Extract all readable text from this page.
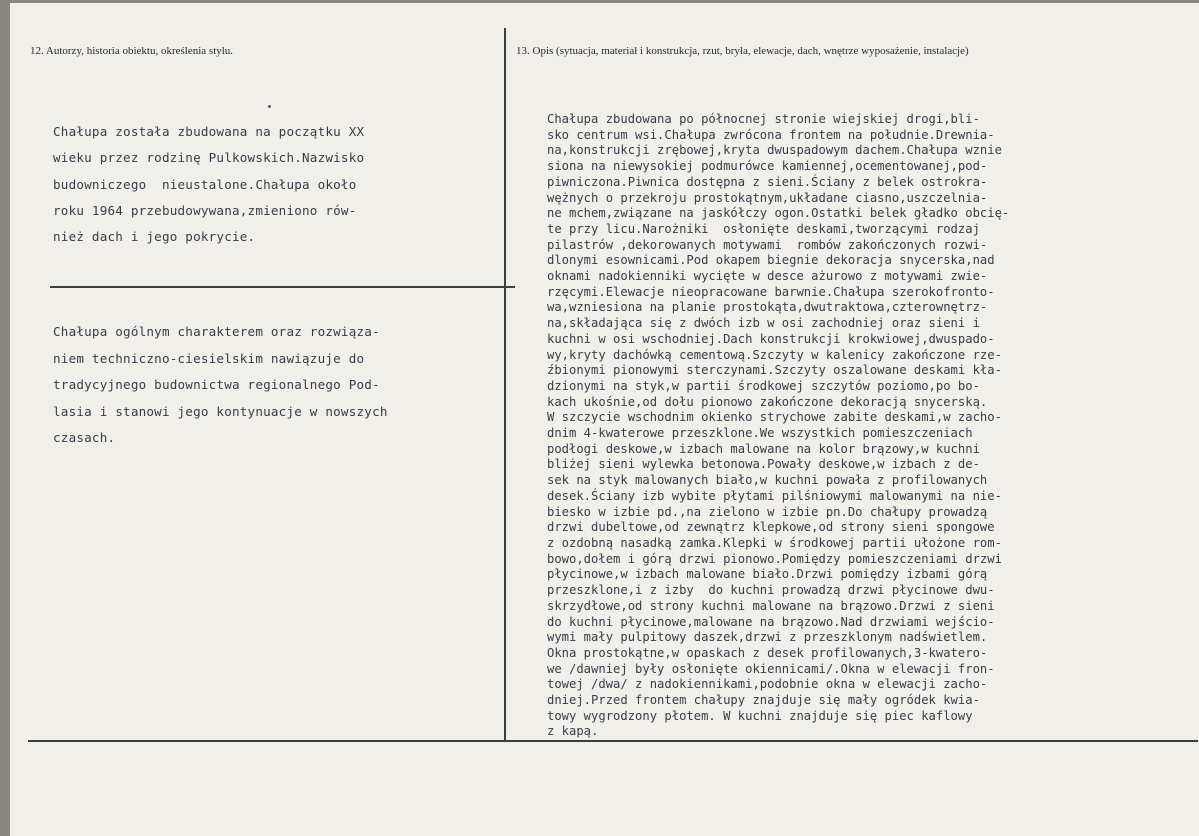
12. Autorzy, historia obiektu, określenia stylu.	13. Opis (sytuacja, materiał i konstrukcja, rzut, bryła, elewacje, dach, wnętrze wyposażenie, instalacje)
Chałupa została zbudowana na początku XX
wieku przez rodzinę Pulkowskich.Nazwisko
budowniczego  nieustalone.Chałupa około
roku 1964 przebudowywana,zmieniono rów-
nież dach i jego pokrycie.
Chałupa ogólnym charakterem oraz rozwiąza-
niem techniczno-ciesielskim nawiązuje do
tradycyjnego budownictwa regionalnego Pod-
lasia i stanowi jego kontynuacje w nowszych
czasach.
Chałupa zbudowana po północnej stronie wiejskiej drogi,bli-
sko centrum wsi.Chałupa zwrócona frontem na południe.Drewnia-
na,konstrukcji zrębowej,kryta dwuspadowym dachem.Chałupa wznie
siona na niewysokiej podmurówce kamiennej,ocementowanej,pod-
piwniczona.Piwnica dostępna z sieni.Ściany z belek ostrokra-
wężnych o przekroju prostokątnym,układane ciasno,uszczelnia-
ne mchem,związane na jaskółczy ogon.Ostatki belek gładko obcię-
te przy licu.Narożniki  osłonięte deskami,tworzącymi rodzaj
pilastrów ,dekorowanych motywami  rombów zakończonych rozwi-
dlonymi esownicami.Pod okapem biegnie dekoracja snycerska,nad
oknami nadokienniki wycięte w desce ażurowo z motywami zwie-
rzęcymi.Elewacje nieopracowane barwnie.Chałupa szerokofronto-
wa,wzniesiona na planie prostokąta,dwutraktowa,czterownętrz-
na,składająca się z dwóch izb w osi zachodniej oraz sieni i
kuchni w osi wschodniej.Dach konstrukcji krokwiowej,dwuspado-
wy,kryty dachówką cementową.Szczyty w kalenicy zakończone rze-
źbionymi pionowymi sterczynami.Szczyty oszalowane deskami kła-
dzionymi na styk,w partii środkowej szczytów poziomo,po bo-
kach ukośnie,od dołu pionowo zakończone dekoracją snycerską.
W szczycie wschodnim okienko strychowe zabite deskami,w zacho-
dnim 4-kwaterowe przeszklone.We wszystkich pomieszczeniach
podłogi deskowe,w izbach malowane na kolor brązowy,w kuchni
bliżej sieni wylewka betonowa.Powały deskowe,w izbach z de-
sek na styk malowanych biało,w kuchni powała z profilowanych
desek.Ściany izb wybite płytami pilśniowymi malowanymi na nie-
biesko w izbie pd.,na zielono w izbie pn.Do chałupy prowadzą
drzwi dubeltowe,od zewnątrz klepkowe,od strony sieni spongowe
z ozdobną nasadką zamka.Klepki w środkowej partii ułożone rom-
bowo,dołem i górą drzwi pionowo.Pomiędzy pomieszczeniami drzwi
płycinowe,w izbach malowane biało.Drzwi pomiędzy izbami górą
przeszklone,i z izby  do kuchni prowadzą drzwi płycinowe dwu-
skrzydłowe,od strony kuchni malowane na brązowo.Drzwi z sieni
do kuchni płycinowe,malowane na brązowo.Nad drzwiami wejścio-
wymi mały pulpitowy daszek,drzwi z przeszklonym nadświetlem.
Okna prostokątne,w opaskach z desek profilowanych,3-kwatero-
we /dawniej były osłonięte okiennicami/.Okna w elewacji fron-
towej /dwa/ z nadokiennikami,podobnie okna w elewacji zacho-
dniej.Przed frontem chałupy znajduje się mały ogródek kwia-
towy wygrodzony płotem. W kuchni znajduje się piec kaflowy
z kapą.
